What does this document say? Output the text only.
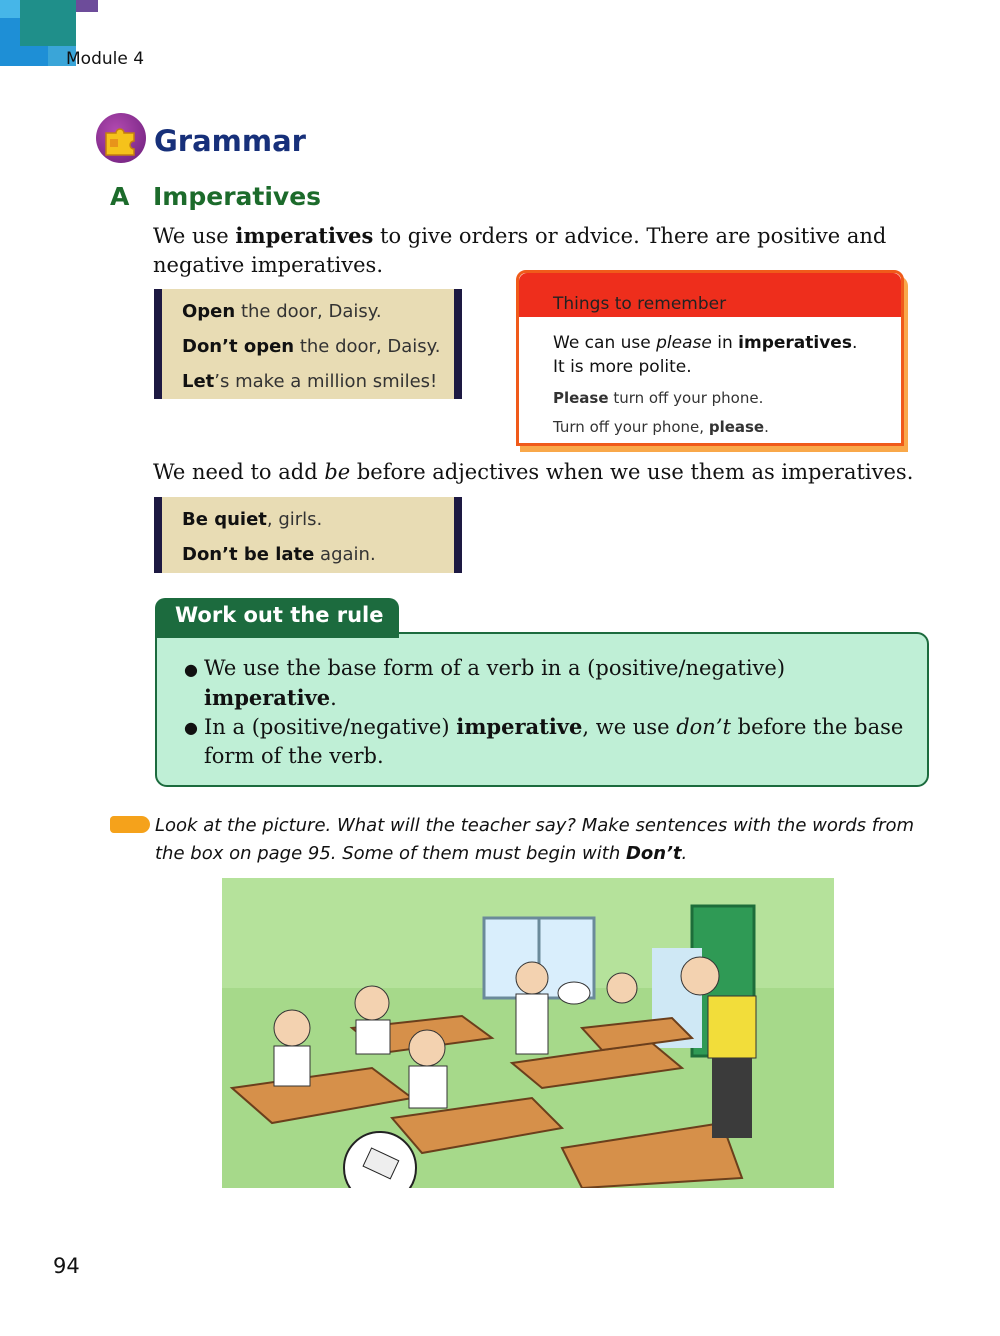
Module 4
Grammar
A Imperatives
We use imperatives to give orders or advice. There are positive and negative imperatives.
Open the door, Daisy.
Don’t open the door, Daisy.
Let’s make a million smiles!
Things to remember
We can use please in imperatives.
It is more polite.
Please turn off your phone.
Turn off your phone, please.
We need to add be before adjectives when we use them as imperatives.
Be quiet, girls.
Don’t be late again.
Work out the rule
● We use the base form of a verb in a (positive/negative) imperative.
● In a (positive/negative) imperative, we use don’t before the base form of the verb.
Look at the picture. What will the teacher say? Make sentences with the words from the box on page 95. Some of them must begin with Don’t.
94
